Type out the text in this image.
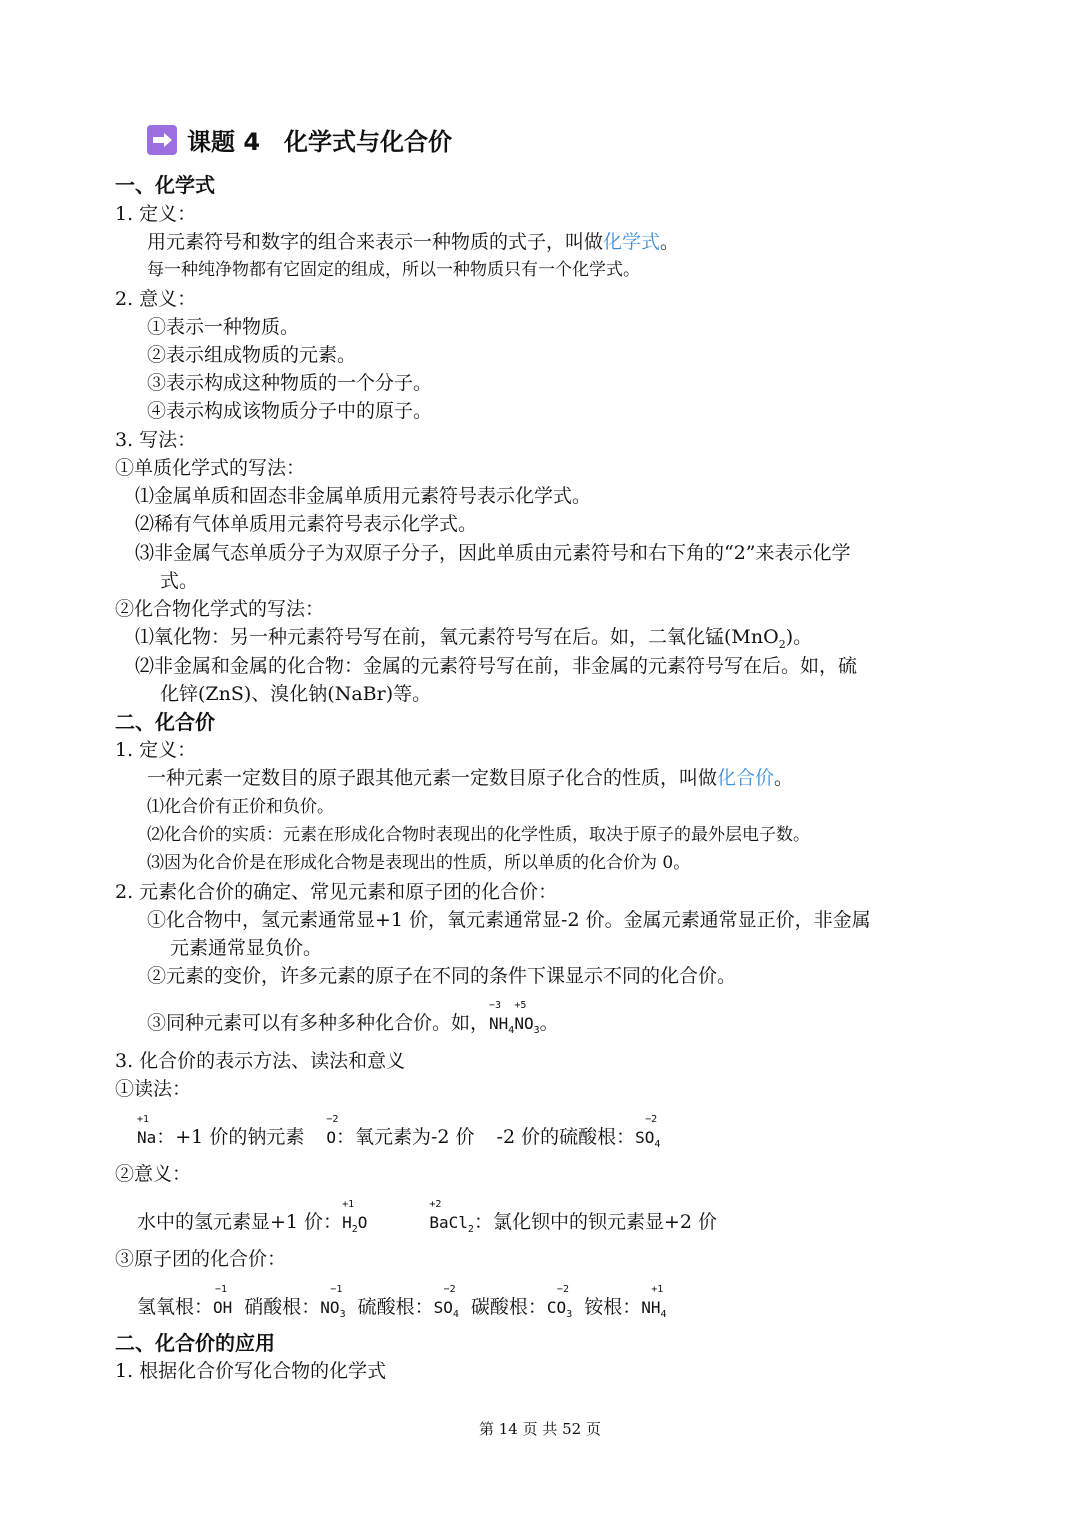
课题 4　化学式与化合价
一、化学式
1. 定义：
用元素符号和数字的组合来表示一种物质的式子，叫做化学式。
每一种纯净物都有它固定的组成，所以一种物质只有一个化学式。
2. 意义：
①表示一种物质。
②表示组成物质的元素。
③表示构成这种物质的一个分子。
④表示构成该物质分子中的原子。
3. 写法：
①单质化学式的写法：
⑴金属单质和固态非金属单质用元素符号表示化学式。
⑵稀有气体单质用元素符号表示化学式。
⑶非金属气态单质分子为双原子分子，因此单质由元素符号和右下角的“2”来表示化学
式。
②化合物化学式的写法：
⑴氧化物：另一种元素符号写在前，氧元素符号写在后。如，二氧化锰(MnO$_2$)。
⑵非金属和金属的化合物：金属的元素符号写在前，非金属的元素符号写在后。如，硫
化锌(ZnS)、溴化钠(NaBr)等。
二、化合价
1. 定义：
一种元素一定数目的原子跟其他元素一定数目原子化合的性质，叫做化合价。
⑴化合价有正价和负价。
⑵化合价的实质：元素在形成化合物时表现出的化学性质，取决于原子的最外层电子数。
⑶因为化合价是在形成化合物是表现出的性质，所以单质的化合价为 0。
2. 元素化合价的确定、常见元素和原子团的化合价：
①化合物中，氢元素通常显+1 价，氧元素通常显-2 价。金属元素通常显正价，非金属
元素通常显负价。
②元素的变价，许多元素的原子在不同的条件下课显示不同的化合价。
③同种元素可以有多种多种化合价。如，
−3
$NH_4$
+5
$NO_3$。
3. 化合价的表示方法、读法和意义
①读法：
+1
Na：+1 价的钠元素
−2
O：氧元素为-2 价 -2 价的硫酸根：
−2
$SO_4$
②意义：
水中的氢元素显+1 价：
+1
$H_2O$
+2
BaCl$_2$：氯化钡中的钡元素显+2 价
③原子团的化合价：
氢氧根：
−1
OH 硝酸根：
−1
$NO_3$ 硫酸根：
−2
$SO_4$ 碳酸根：
−2
$CO_3$ 铵根：
+1
$NH_4$
二、化合价的应用
1. 根据化合价写化合物的化学式
第 14 页 共 52 页
